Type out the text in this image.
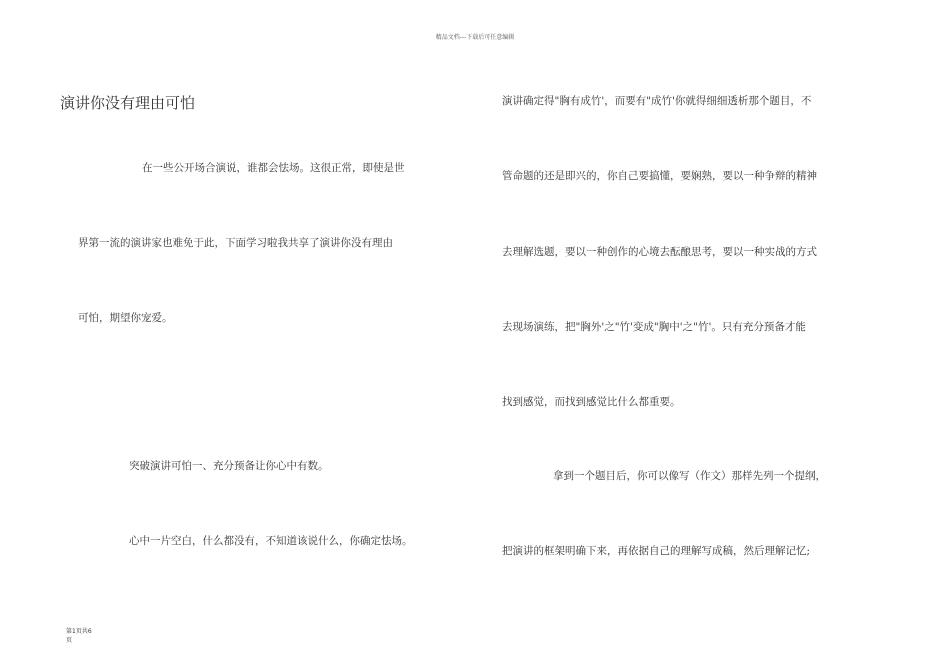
精品文档---下载后可任意编辑
演讲你没有理由可怕
在一些公开场合演说，谁都会怯场。这很正常，即使是世
界第一流的演讲家也难免于此，下面学习啦我共享了演讲你没有理由
可怕，期望你宠爱。
突破演讲可怕一、充分预备让你心中有数。
心中一片空白，什么都没有，不知道该说什么，你确定怯场。
演讲确定得"胸有成竹'，而要有"成竹'你就得细细透析那个题目，不
管命题的还是即兴的，你自己要搞懂，要娴熟，要以一种争辩的精神
去理解选题，要以一种创作的心境去酝酿思考，要以一种实战的方式
去现场演练，把"胸外'之"竹'变成"胸中'之"竹'。只有充分预备才能
找到感觉，而找到感觉比什么都重要。
拿到一个题目后，你可以像写（作文）那样先列一个提纲，
把演讲的框架明确下来，再依据自己的理解写成稿，然后理解记忆;
第1页共6
页
